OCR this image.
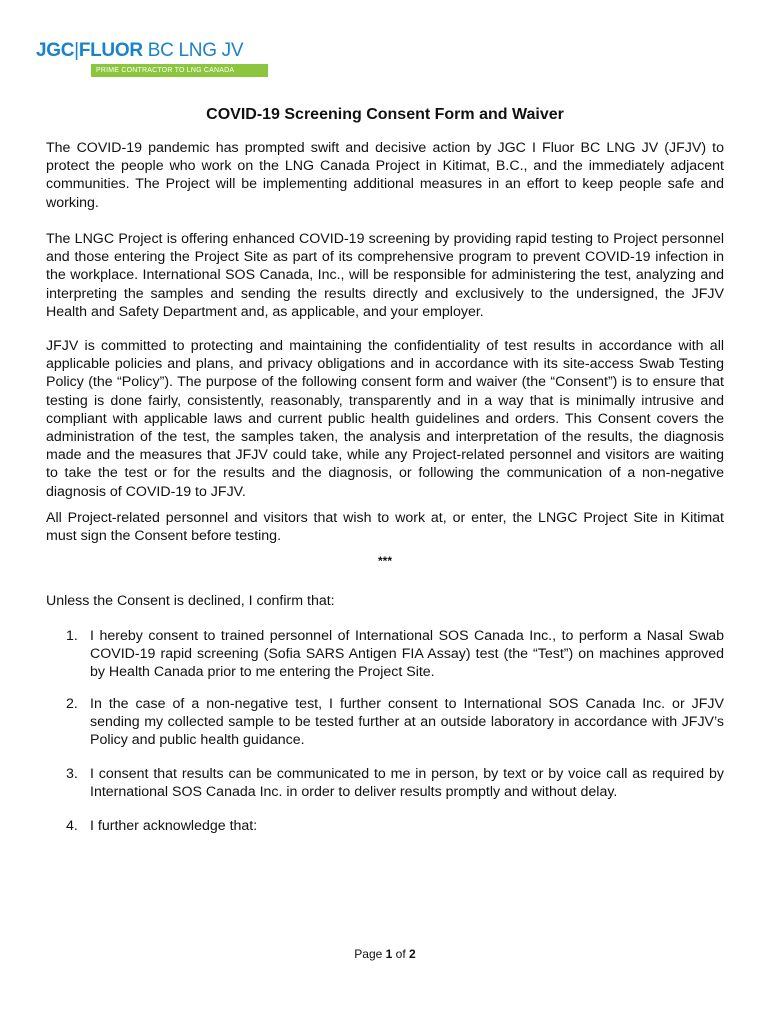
JGC|FLUOR BC LNG JV
PRIME CONTRACTOR TO LNG CANADA
COVID-19 Screening Consent Form and Waiver

The COVID-19 pandemic has prompted swift and decisive action by JGC I Fluor BC LNG JV (JFJV) to protect the people who work on the LNG Canada Project in Kitimat, B.C., and the immediately adjacent communities. The Project will be implementing additional measures in an effort to keep people safe and working.

The LNGC Project is offering enhanced COVID-19 screening by providing rapid testing to Project personnel and those entering the Project Site as part of its comprehensive program to prevent COVID-19 infection in the workplace. International SOS Canada, Inc., will be responsible for administering the test, analyzing and interpreting the samples and sending the results directly and exclusively to the undersigned, the JFJV Health and Safety Department and, as applicable, and your employer.

JFJV is committed to protecting and maintaining the confidentiality of test results in accordance with all applicable policies and plans, and privacy obligations and in accordance with its site-access Swab Testing Policy (the “Policy”). The purpose of the following consent form and waiver (the “Consent”) is to ensure that testing is done fairly, consistently, reasonably, transparently and in a way that is minimally intrusive and compliant with applicable laws and current public health guidelines and orders. This Consent covers the administration of the test, the samples taken, the analysis and interpretation of the results, the diagnosis made and the measures that JFJV could take, while any Project-related personnel and visitors are waiting to take the test or for the results and the diagnosis, or following the communication of a non-negative diagnosis of COVID-19 to JFJV.

All Project-related personnel and visitors that wish to work at, or enter, the LNGC Project Site in Kitimat must sign the Consent before testing.

***
Unless the Consent is declined, I confirm that:
1. I hereby consent to trained personnel of International SOS Canada Inc., to perform a Nasal Swab COVID-19 rapid screening (Sofia SARS Antigen FIA Assay) test (the “Test”) on machines approved by Health Canada prior to me entering the Project Site.
2. In the case of a non-negative test, I further consent to International SOS Canada Inc. or JFJV sending my collected sample to be tested further at an outside laboratory in accordance with JFJV’s Policy and public health guidance.
3. I consent that results can be communicated to me in person, by text or by voice call as required by International SOS Canada Inc. in order to deliver results promptly and without delay.
4. I further acknowledge that:
Page 1 of 2
